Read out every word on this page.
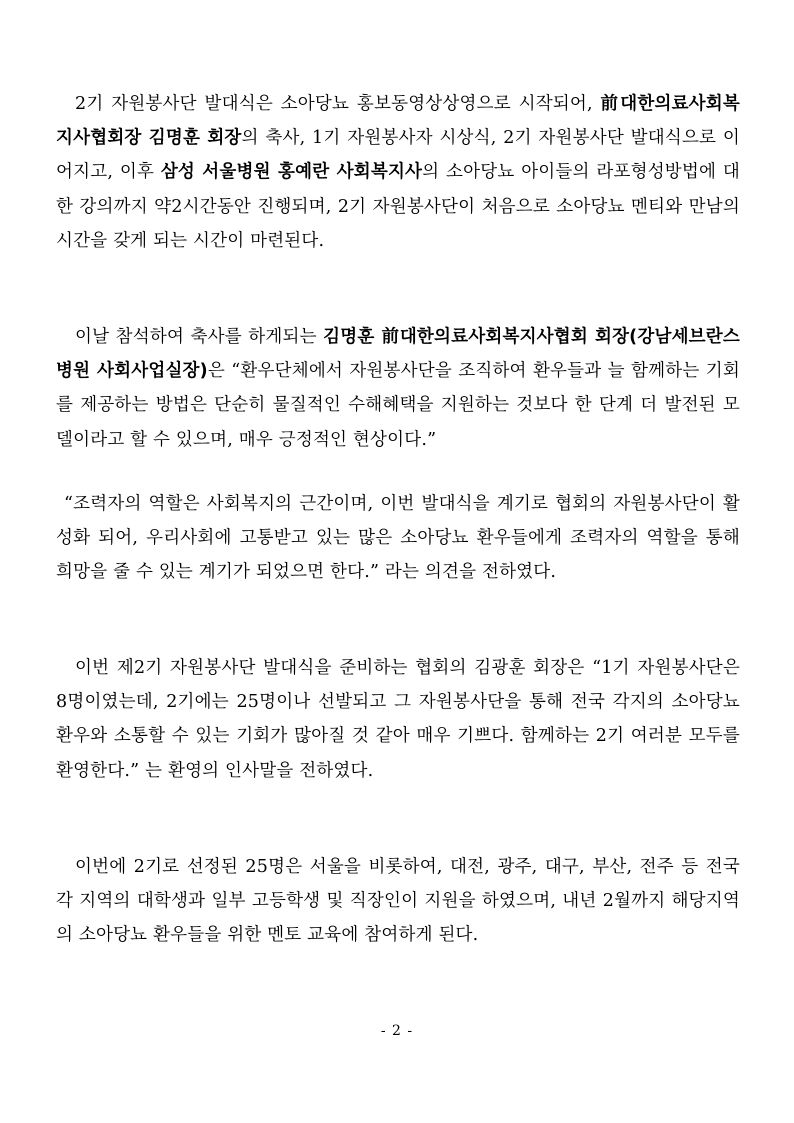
2기 자원봉사단 발대식은 소아당뇨 홍보동영상상영으로 시작되어, 前대한의료사회복지사협회장 김명훈 회장의 축사, 1기 자원봉사자 시상식, 2기 자원봉사단 발대식으로 이어지고, 이후 삼성 서울병원 홍예란 사회복지사의 소아당뇨 아이들의 라포형성방법에 대한 강의까지 약2시간동안 진행되며, 2기 자원봉사단이 처음으로 소아당뇨 멘티와 만남의 시간을 갖게 되는 시간이 마련된다.

이날 참석하여 축사를 하게되는 김명훈 前대한의료사회복지사협회 회장(강남세브란스병원 사회사업실장)은 “환우단체에서 자원봉사단을 조직하여 환우들과 늘 함께하는 기회를 제공하는 방법은 단순히 물질적인 수해혜택을 지원하는 것보다 한 단계 더 발전된 모델이라고 할 수 있으며, 매우 긍정적인 현상이다.”

“조력자의 역할은 사회복지의 근간이며, 이번 발대식을 계기로 협회의 자원봉사단이 활성화 되어, 우리사회에 고통받고 있는 많은 소아당뇨 환우들에게 조력자의 역할을 통해 희망을 줄 수 있는 계기가 되었으면 한다.” 라는 의견을 전하였다.

이번 제2기 자원봉사단 발대식을 준비하는 협회의 김광훈 회장은 “1기 자원봉사단은 8명이였는데, 2기에는 25명이나 선발되고 그 자원봉사단을 통해 전국 각지의 소아당뇨 환우와 소통할 수 있는 기회가 많아질 것 같아 매우 기쁘다. 함께하는 2기 여러분 모두를 환영한다.” 는 환영의 인사말을 전하였다.

이번에 2기로 선정된 25명은 서울을 비롯하여, 대전, 광주, 대구, 부산, 전주 등 전국 각 지역의 대학생과 일부 고등학생 및 직장인이 지원을 하였으며, 내년 2월까지 해당지역의 소아당뇨 환우들을 위한 멘토 교육에 참여하게 된다.

- 2 -
